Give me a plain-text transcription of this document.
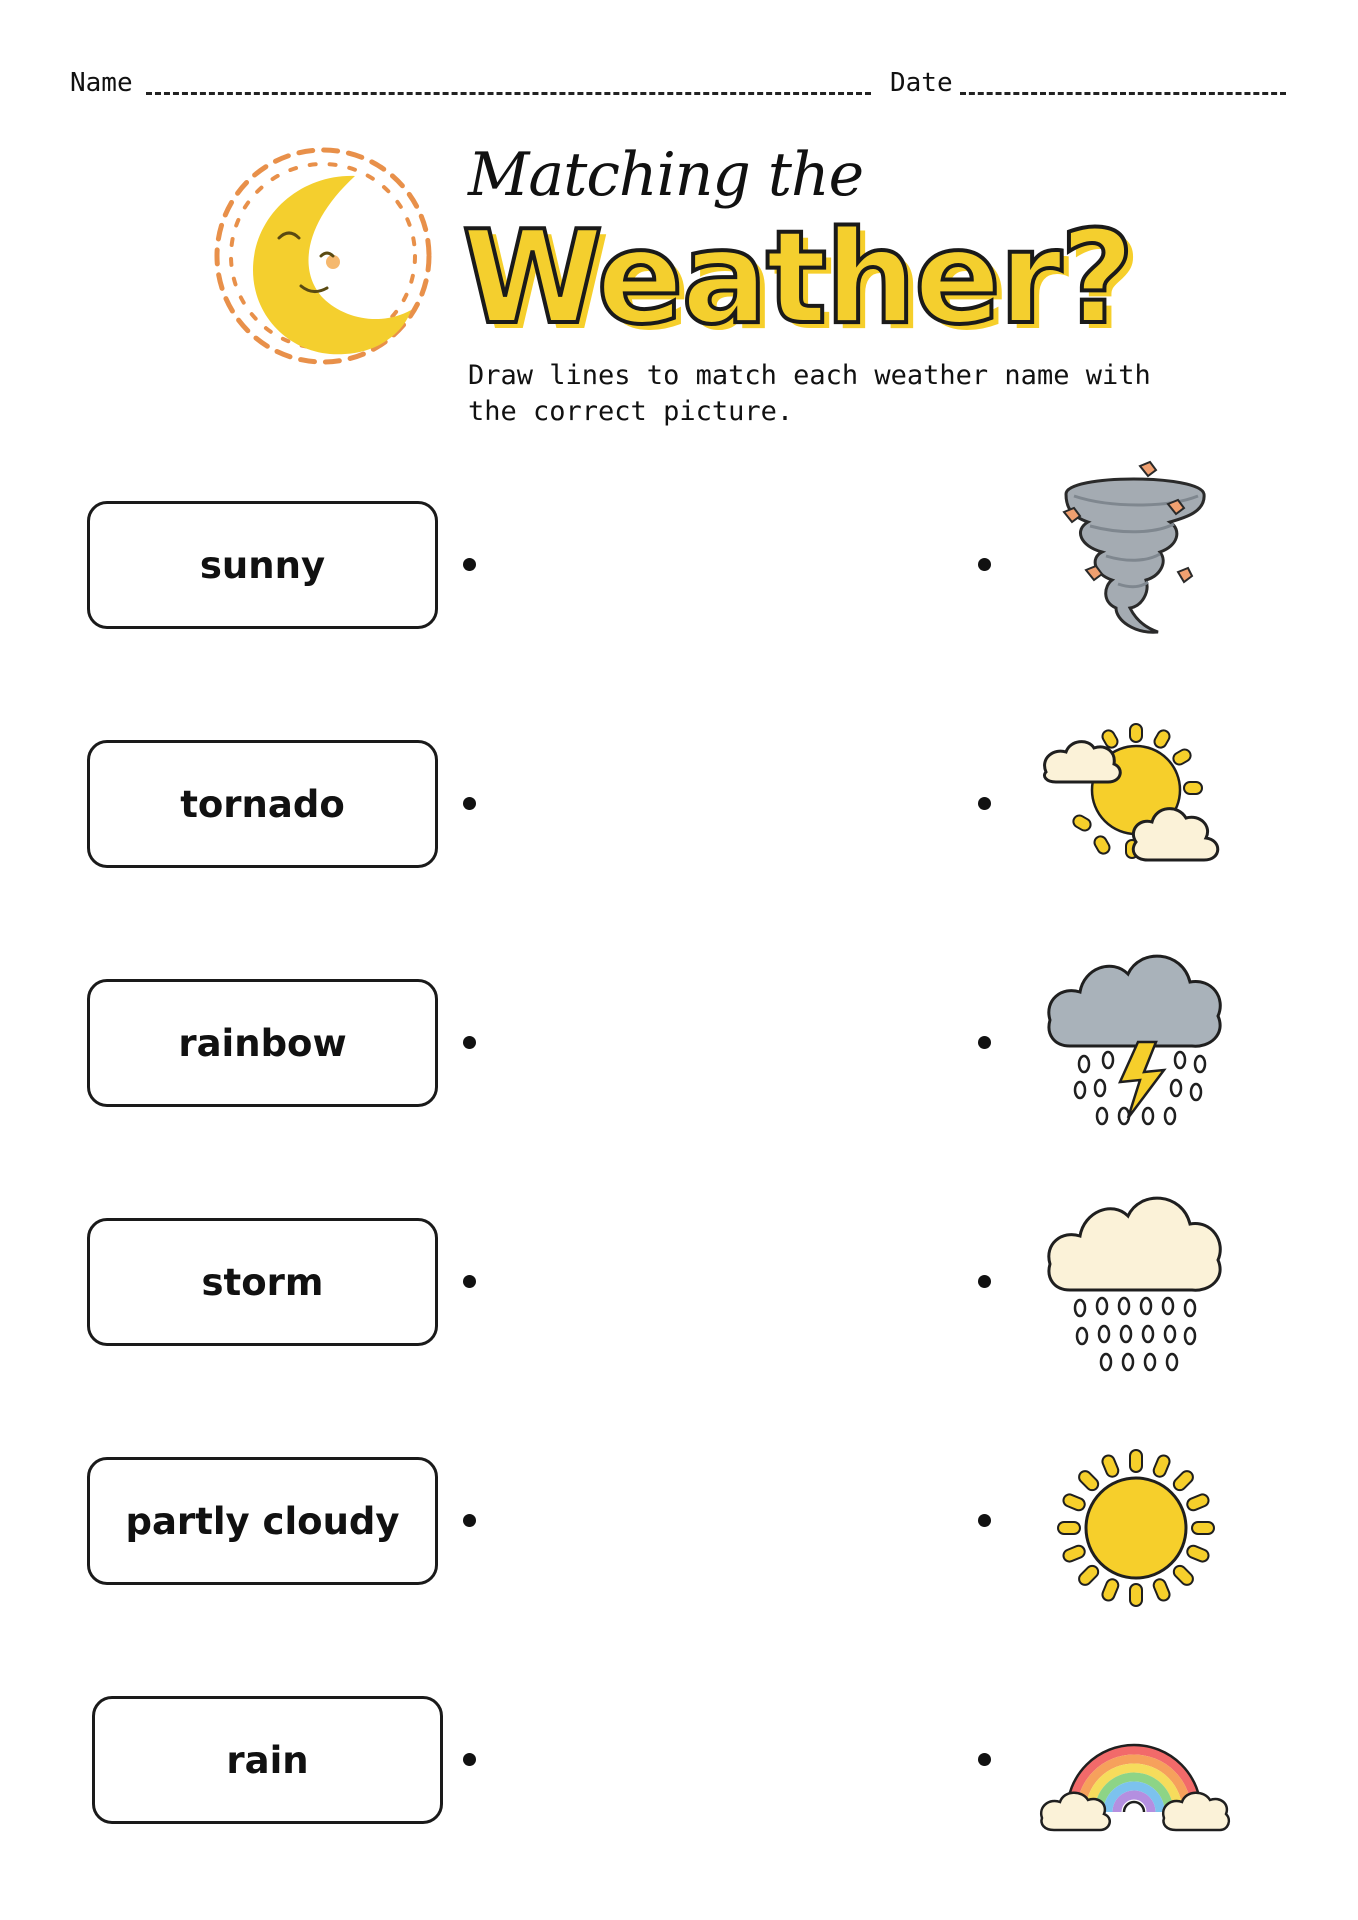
Name	Date
Matching the
Weather?
Draw lines to match each weather name with the correct picture.
sunny
tornado
rainbow
storm
partly cloudy
rain
